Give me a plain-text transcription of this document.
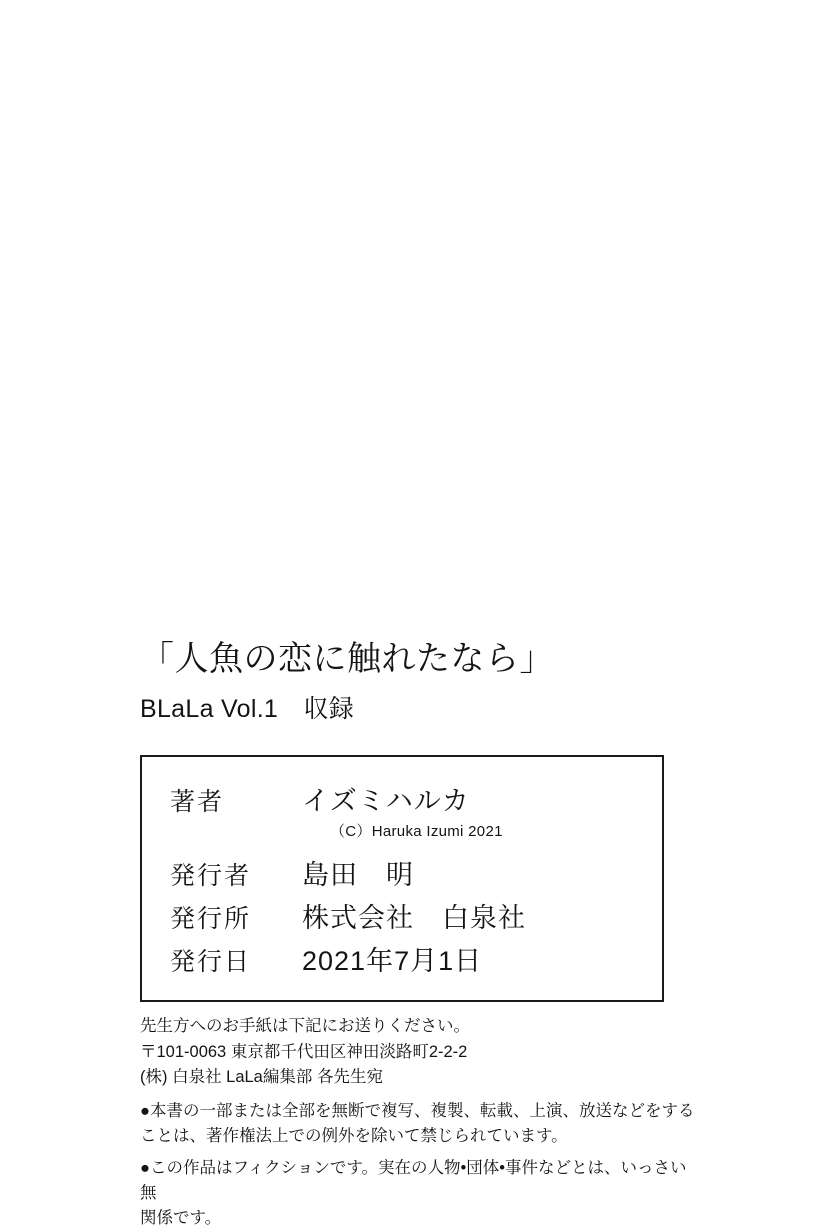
「人魚の恋に触れたなら」
BLaLa Vol.1　収録
著者	イズミハルカ
（C）Haruka Izumi 2021
発行者	島田　明
発行所	株式会社　白泉社
発行日	2021年7月1日
先生方へのお手紙は下記にお送りください。
〒101-0063 東京都千代田区神田淡路町2-2-2
(株) 白泉社 LaLa編集部 各先生宛
●本書の一部または全部を無断で複写、複製、転載、上演、放送などをする
ことは、著作権法上での例外を除いて禁じられています。
●この作品はフィクションです。実在の人物•団体•事件などとは、いっさい無
関係です。
